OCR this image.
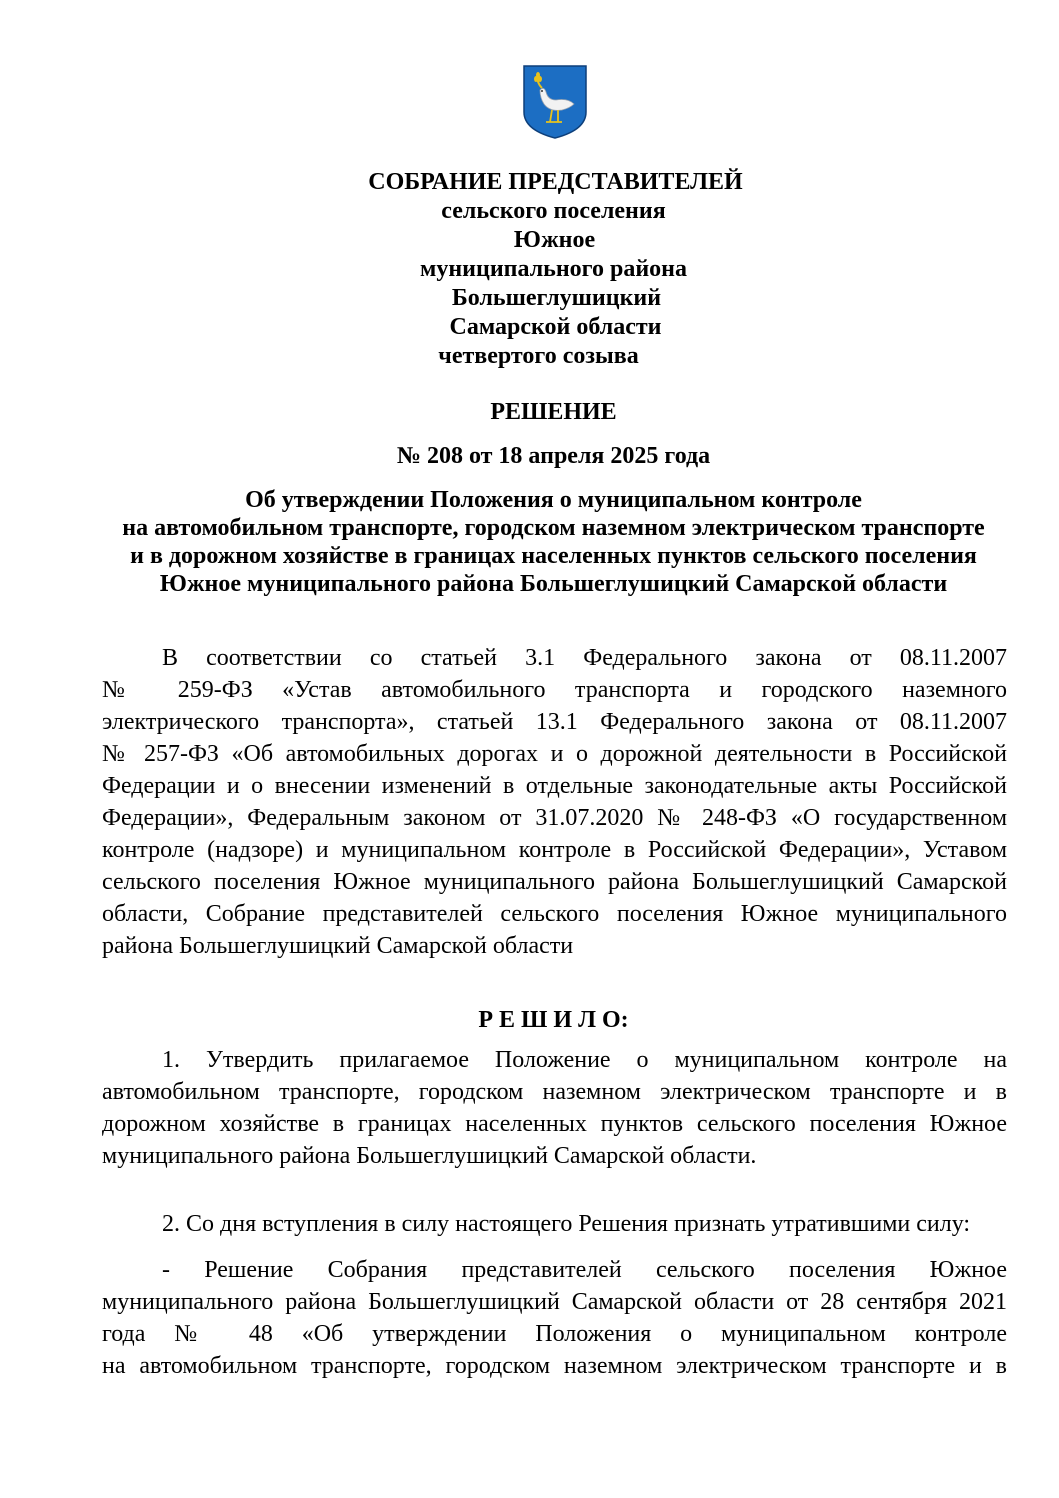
СОБРАНИЕ ПРЕДСТАВИТЕЛЕЙ
сельского поселения
Южное
муниципального района
Большеглушицкий
Самарской области
четвертого созыва
РЕШЕНИЕ
№ 208 от 18 апреля 2025 года
Об утверждении Положения о муниципальном контроле
на автомобильном транспорте, городском наземном электрическом транспорте
и в дорожном хозяйстве в границах населенных пунктов сельского поселения
Южное муниципального района Большеглушицкий Самарской области
В соответствии со статьей 3.1 Федерального закона от 08.11.2007
№ 259-ФЗ «Устав автомобильного транспорта и городского наземного
электрического транспорта», статьей 13.1 Федерального закона от 08.11.2007
№ 257-ФЗ «Об автомобильных дорогах и о дорожной деятельности в Российской
Федерации и о внесении изменений в отдельные законодательные акты Российской
Федерации», Федеральным законом от 31.07.2020 № 248-ФЗ «О государственном
контроле (надзоре) и муниципальном контроле в Российской Федерации», Уставом
сельского поселения Южное муниципального района Большеглушицкий Самарской
области, Собрание представителей сельского поселения Южное муниципального
района Большеглушицкий Самарской области
Р Е Ш И Л О:
1. Утвердить прилагаемое Положение о муниципальном контроле на
автомобильном транспорте, городском наземном электрическом транспорте и в
дорожном хозяйстве в границах населенных пунктов сельского поселения Южное
муниципального района Большеглушицкий Самарской области.
2. Со дня вступления в силу настоящего Решения признать утратившими силу:
- Решение Собрания представителей сельского поселения Южное
муниципального района Большеглушицкий Самарской области от 28 сентября 2021
года № 48 «Об утверждении Положения о муниципальном контроле
на автомобильном транспорте, городском наземном электрическом транспорте и в
